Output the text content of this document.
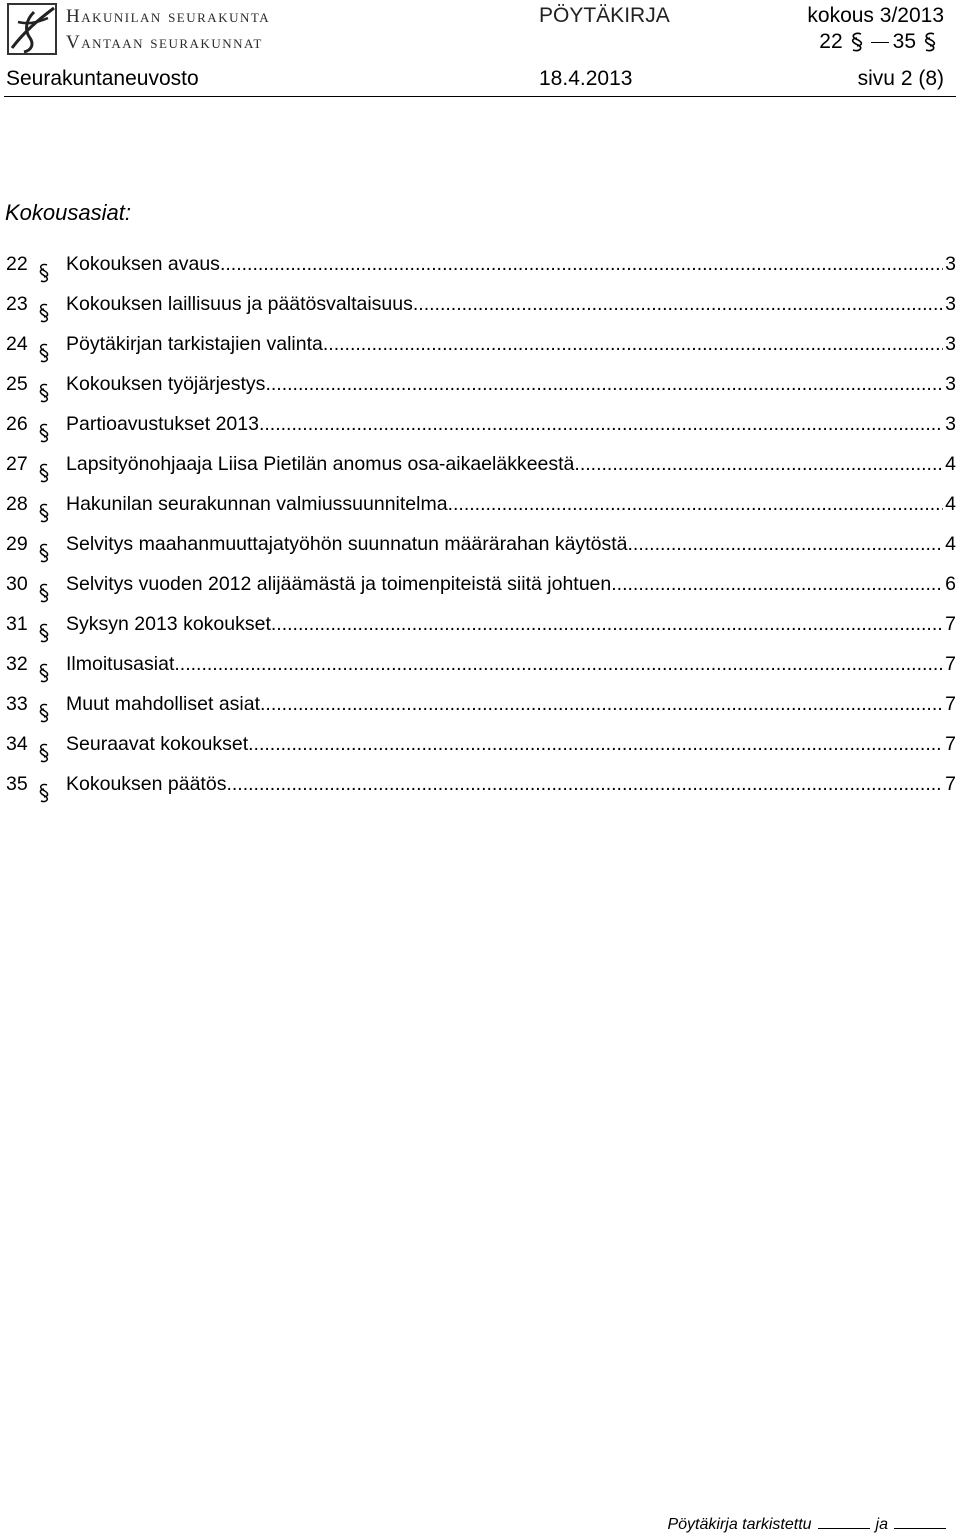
Hakunilan seurakunta
Vantaan seurakunnat
PÖYTÄKIRJA	kokous 3/2013
22 35
Seurakuntaneuvosto	18.4.2013	sivu 2 (8)
Kokousasiat:
22 Kokouksen avaus .....	3
23 Kokouksen laillisuus ja päätösvaltaisuus .....	3
24 Pöytäkirjan tarkistajien valinta .....	3
25 Kokouksen työjärjestys .....	3
26 Partioavustukset 2013 .....	3
27 Lapsityönohjaaja Liisa Pietilän anomus osa-aikaeläkkeestä .....	4
28 Hakunilan seurakunnan valmiussuunnitelma .....	4
29 Selvitys maahanmuuttajatyöhön suunnatun määrärahan käytöstä .....	4
30 Selvitys vuoden 2012 alijäämästä ja toimenpiteistä siitä johtuen .....	6
31 Syksyn 2013 kokoukset .....	7
32 Ilmoitusasiat .....	7
33 Muut mahdolliset asiat .....	7
34 Seuraavat kokoukset .....	7
35 Kokouksen päätös .....	7
Pöytäkirja tarkistettu	ja
